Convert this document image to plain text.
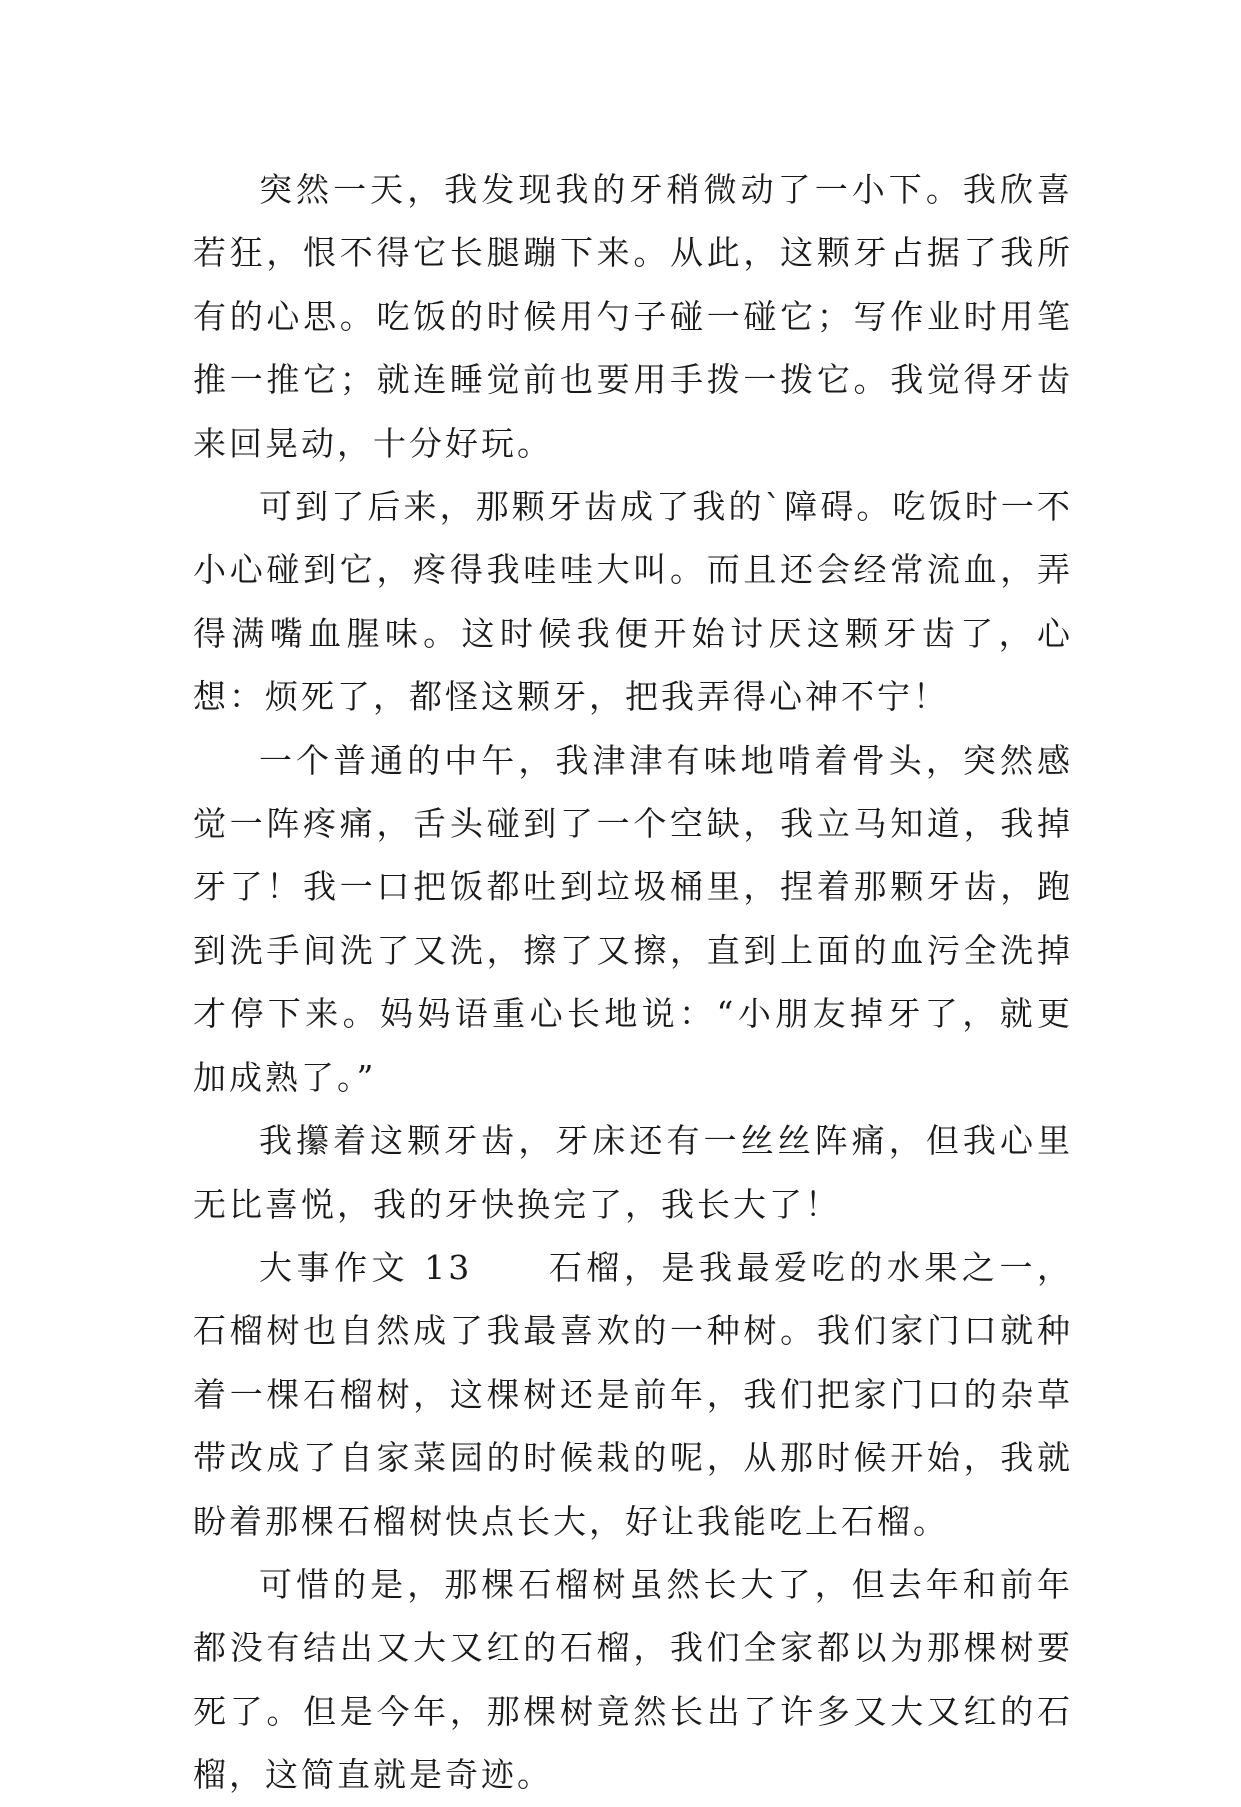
突然一天，我发现我的牙稍微动了一小下。我欣喜若狂，恨不得它长腿蹦下来。从此，这颗牙占据了我所有的心思。吃饭的时候用勺子碰一碰它；写作业时用笔推一推它；就连睡觉前也要用手拨一拨它。我觉得牙齿来回晃动，十分好玩。

可到了后来，那颗牙齿成了我的`障碍。吃饭时一不小心碰到它，疼得我哇哇大叫。而且还会经常流血，弄得满嘴血腥味。这时候我便开始讨厌这颗牙齿了，心想：烦死了，都怪这颗牙，把我弄得心神不宁！

一个普通的中午，我津津有味地啃着骨头，突然感觉一阵疼痛，舌头碰到了一个空缺，我立马知道，我掉牙了！我一口把饭都吐到垃圾桶里，捏着那颗牙齿，跑到洗手间洗了又洗，擦了又擦，直到上面的血污全洗掉才停下来。妈妈语重心长地说：“小朋友掉牙了，就更加成熟了。”

我攥着这颗牙齿，牙床还有一丝丝阵痛，但我心里无比喜悦，我的牙快换完了，我长大了！

大事作文 13　　石榴，是我最爱吃的水果之一，石榴树也自然成了我最喜欢的一种树。我们家门口就种着一棵石榴树，这棵树还是前年，我们把家门口的杂草带改成了自家菜园的时候栽的呢，从那时候开始，我就盼着那棵石榴树快点长大，好让我能吃上石榴。

可惜的是，那棵石榴树虽然长大了，但去年和前年都没有结出又大又红的石榴，我们全家都以为那棵树要死了。但是今年，那棵树竟然长出了许多又大又红的石榴，这简直就是奇迹。
